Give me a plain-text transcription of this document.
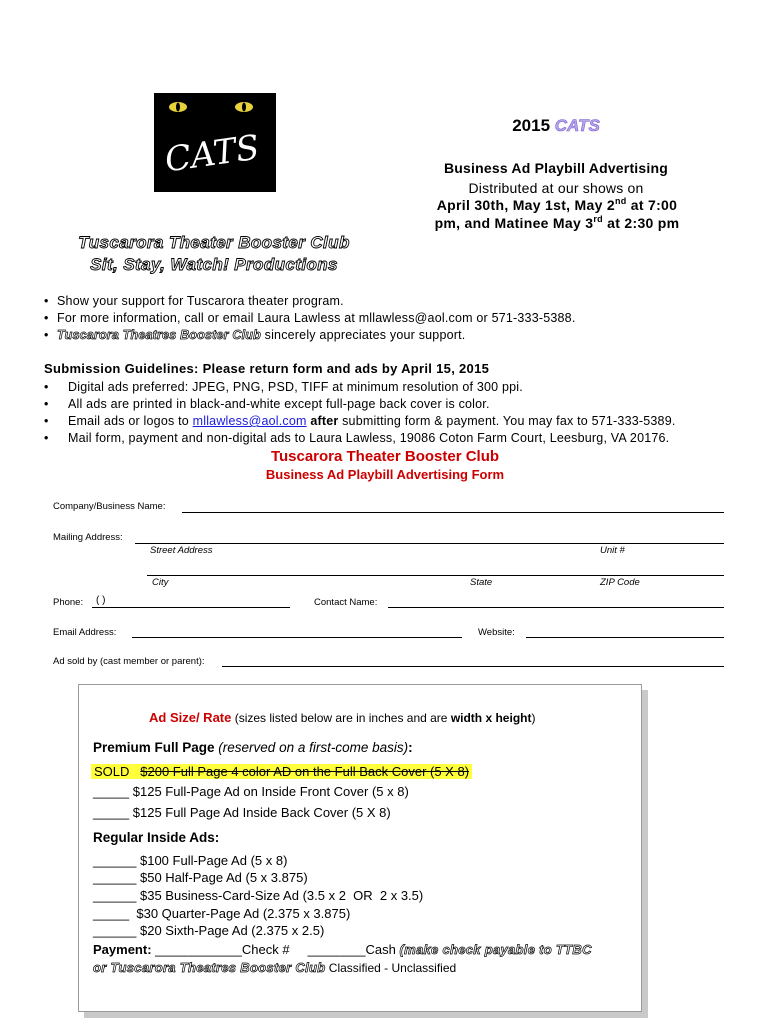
CATS
2015 CATS
Business Ad Playbill Advertising
Distributed at our shows on
April 30th, May 1st, May 2nd at 7:00
pm, and Matinee May 3rd at 2:30 pm
Tuscarora Theater Booster Club
Sit, Stay, Watch! Productions
• Show your support for Tuscarora theater program.
• For more information, call or email Laura Lawless at mllawless@aol.com or 571-333-5388.
• Tuscarora Theatres Booster Club sincerely appreciates your support.
Submission Guidelines: Please return form and ads by April 15, 2015
• Digital ads preferred: JPEG, PNG, PSD, TIFF at minimum resolution of 300 ppi.
• All ads are printed in black-and-white except full-page back cover is color.
• Email ads or logos to mllawless@aol.com after submitting form & payment. You may fax to 571-333-5389.
• Mail form, payment and non-digital ads to Laura Lawless, 19086 Coton Farm Court, Leesburg, VA 20176.
Tuscarora Theater Booster Club
Business Ad Playbill Advertising Form
Company/Business Name:
Mailing Address:
Street Address	Unit #
City	State	ZIP Code
Phone: ( )	Contact Name:
Email Address:	Website:
Ad sold by (cast member or parent):
Ad Size/ Rate (sizes listed below are in inches and are width x height)
Premium Full Page (reserved on a first-come basis):
SOLD   $200 Full Page 4 color AD on the Full Back Cover (5 X 8)
_____ $125 Full-Page Ad on Inside Front Cover (5 x 8)
_____ $125 Full Page Ad Inside Back Cover (5 X 8)
Regular Inside Ads:
______ $100 Full-Page Ad (5 x 8)
______ $50 Half-Page Ad (5 x 3.875)
______ $35 Business-Card-Size Ad (3.5 x 2  OR  2 x 3.5)
_____  $30 Quarter-Page Ad (2.375 x 3.875)
______ $20 Sixth-Page Ad (2.375 x 2.5)
Payment: ____________Check #     ________Cash (make check payable to TTBC
or Tuscarora Theatres Booster Club Classified - Unclassified
